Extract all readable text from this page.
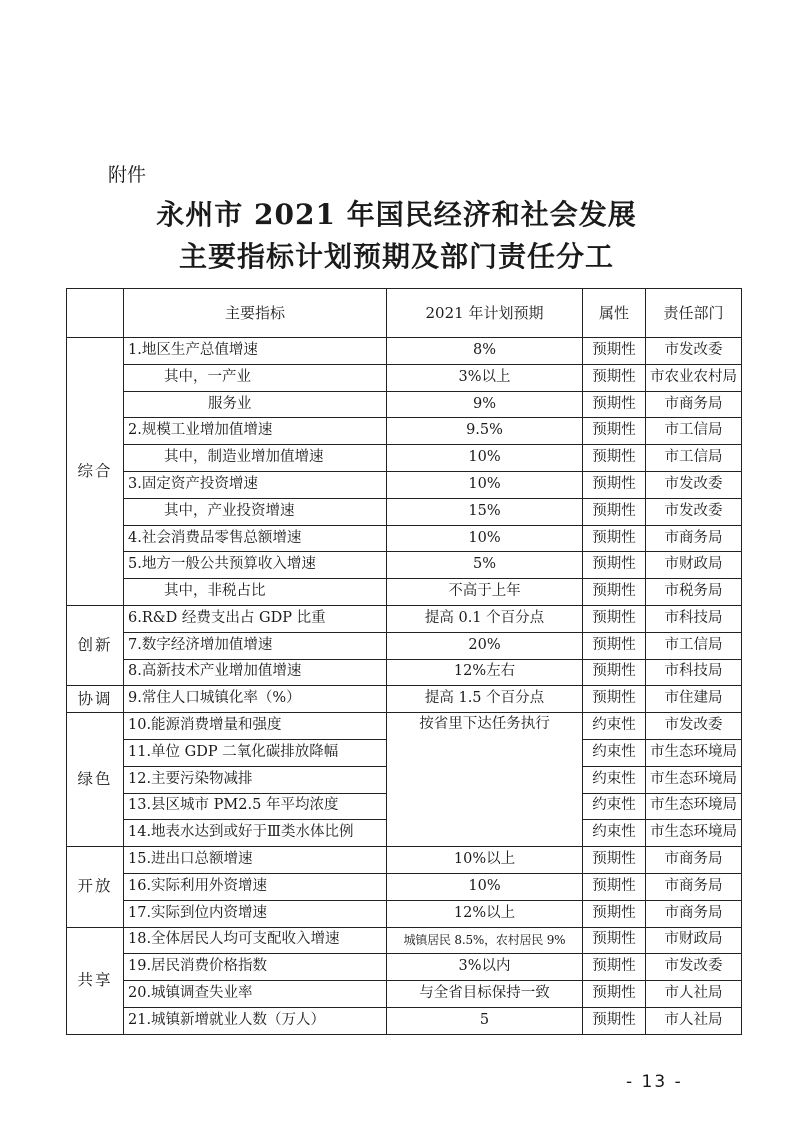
附件
永州市 2021 年国民经济和社会发展
主要指标计划预期及部门责任分工
	主要指标	2021 年计划预期	属性	责任部门
综合	1.地区生产总值增速	8%	预期性	市发改委
	其中，一产业	3%以上	预期性	市农业农村局
	服务业	9%	预期性	市商务局
	2.规模工业增加值增速	9.5%	预期性	市工信局
	其中，制造业增加值增速	10%	预期性	市工信局
	3.固定资产投资增速	10%	预期性	市发改委
	其中，产业投资增速	15%	预期性	市发改委
	4.社会消费品零售总额增速	10%	预期性	市商务局
	5.地方一般公共预算收入增速	5%	预期性	市财政局
	其中，非税占比	不高于上年	预期性	市税务局
创新	6.R&D 经费支出占 GDP 比重	提高 0.1 个百分点	预期性	市科技局
	7.数字经济增加值增速	20%	预期性	市工信局
	8.高新技术产业增加值增速	12%左右	预期性	市科技局
协调	9.常住人口城镇化率（%）	提高 1.5 个百分点	预期性	市住建局
绿色	10.能源消费增量和强度	按省里下达任务执行	约束性	市发改委
	11.单位 GDP 二氧化碳排放降幅		约束性	市生态环境局
	12.主要污染物减排		约束性	市生态环境局
	13.县区城市 PM2.5 年平均浓度		约束性	市生态环境局
	14.地表水达到或好于Ⅲ类水体比例		约束性	市生态环境局
开放	15.进出口总额增速	10%以上	预期性	市商务局
	16.实际利用外资增速	10%	预期性	市商务局
	17.实际到位内资增速	12%以上	预期性	市商务局
共享	18.全体居民人均可支配收入增速	城镇居民 8.5%，农村居民 9%	预期性	市财政局
	19.居民消费价格指数	3%以内	预期性	市发改委
	20.城镇调查失业率	与全省目标保持一致	预期性	市人社局
	21.城镇新增就业人数（万人）	5	预期性	市人社局
- 13 -
